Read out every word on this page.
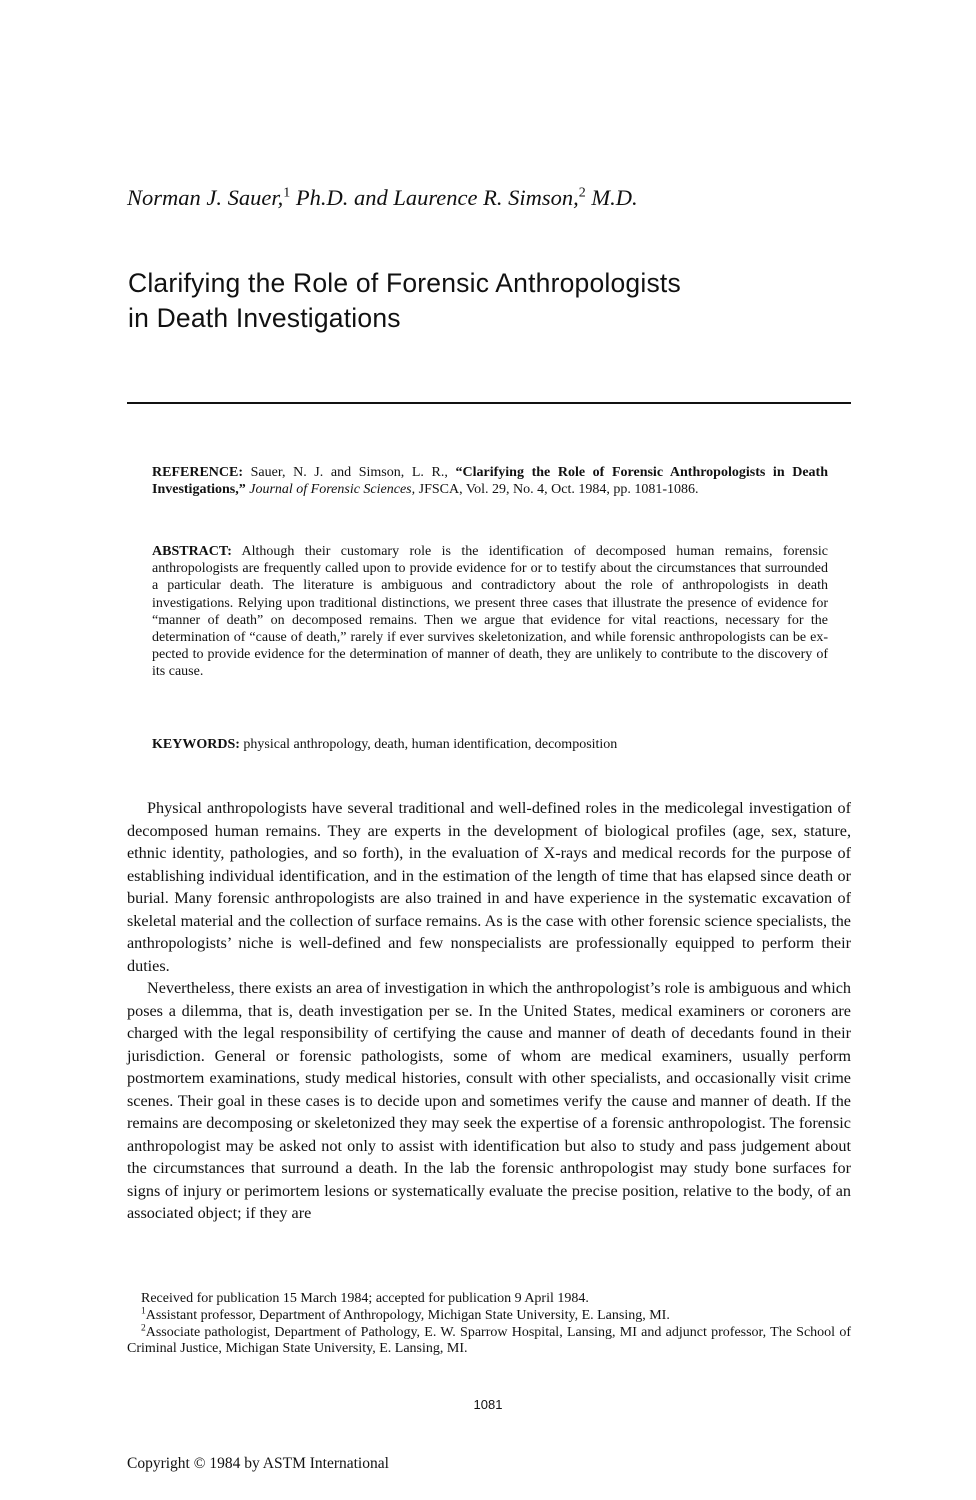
Norman J. Sauer,$^1$ Ph.D. and Laurence R. Simson,$^2$ M.D.
Clarifying the Role of Forensic Anthropologists
in Death Investigations
REFERENCE: Sauer, N. J. and Simson, L. R., “Clarifying the Role of Forensic Anthropologists in Death Investigations,” Journal of Forensic Sciences, JFSCA, Vol. 29, No. 4, Oct. 1984, pp. 1081-1086.
ABSTRACT: Although their customary role is the identification of decomposed human remains, forensic anthropologists are frequently called upon to provide evidence for or to testify about the circumstances that surrounded a particular death. The literature is ambiguous and contradictory about the role of anthropologists in death investigations. Relying upon traditional distinctions, we present three cases that illustrate the presence of evidence for “manner of death” on decomposed remains. Then we argue that evidence for vital reactions, necessary for the determination of “cause of death,” rarely if ever survives skeletonization, and while forensic anthropologists can be expected to provide evidence for the determination of manner of death, they are unlikely to contribute to the discovery of its cause.
KEYWORDS: physical anthropology, death, human identification, decomposition

Physical anthropologists have several traditional and well-defined roles in the medicolegal investigation of decomposed human remains. They are experts in the development of biological profiles (age, sex, stature, ethnic identity, pathologies, and so forth), in the evaluation of X-rays and medical records for the purpose of establishing individual identification, and in the estimation of the length of time that has elapsed since death or burial. Many forensic anthropologists are also trained in and have experience in the systematic excavation of skeletal material and the collection of surface remains. As is the case with other forensic science specialists, the anthropologists’ niche is well-defined and few nonspecialists are professionally equipped to perform their duties.

Nevertheless, there exists an area of investigation in which the anthropologist’s role is ambiguous and which poses a dilemma, that is, death investigation per se. In the United States, medical examiners or coroners are charged with the legal responsibility of certifying the cause and manner of death of decedants found in their jurisdiction. General or forensic pathologists, some of whom are medical examiners, usually perform postmortem examinations, study medical histories, consult with other specialists, and occasionally visit crime scenes. Their goal in these cases is to decide upon and sometimes verify the cause and manner of death. If the remains are decomposing or skeletonized they may seek the expertise of a forensic anthropologist. The forensic anthropologist may be asked not only to assist with identification but also to study and pass judgement about the circumstances that surround a death. In the lab the forensic anthropologist may study bone surfaces for signs of injury or perimortem lesions or systematically evaluate the precise position, relative to the body, of an associated object; if they are

Received for publication 15 March 1984; accepted for publication 9 April 1984.

$^1$Assistant professor, Department of Anthropology, Michigan State University, E. Lansing, MI.

$^2$Associate pathologist, Department of Pathology, E. W. Sparrow Hospital, Lansing, MI and adjunct professor, The School of Criminal Justice, Michigan State University, E. Lansing, MI.

1081
Copyright © 1984 by ASTM International
